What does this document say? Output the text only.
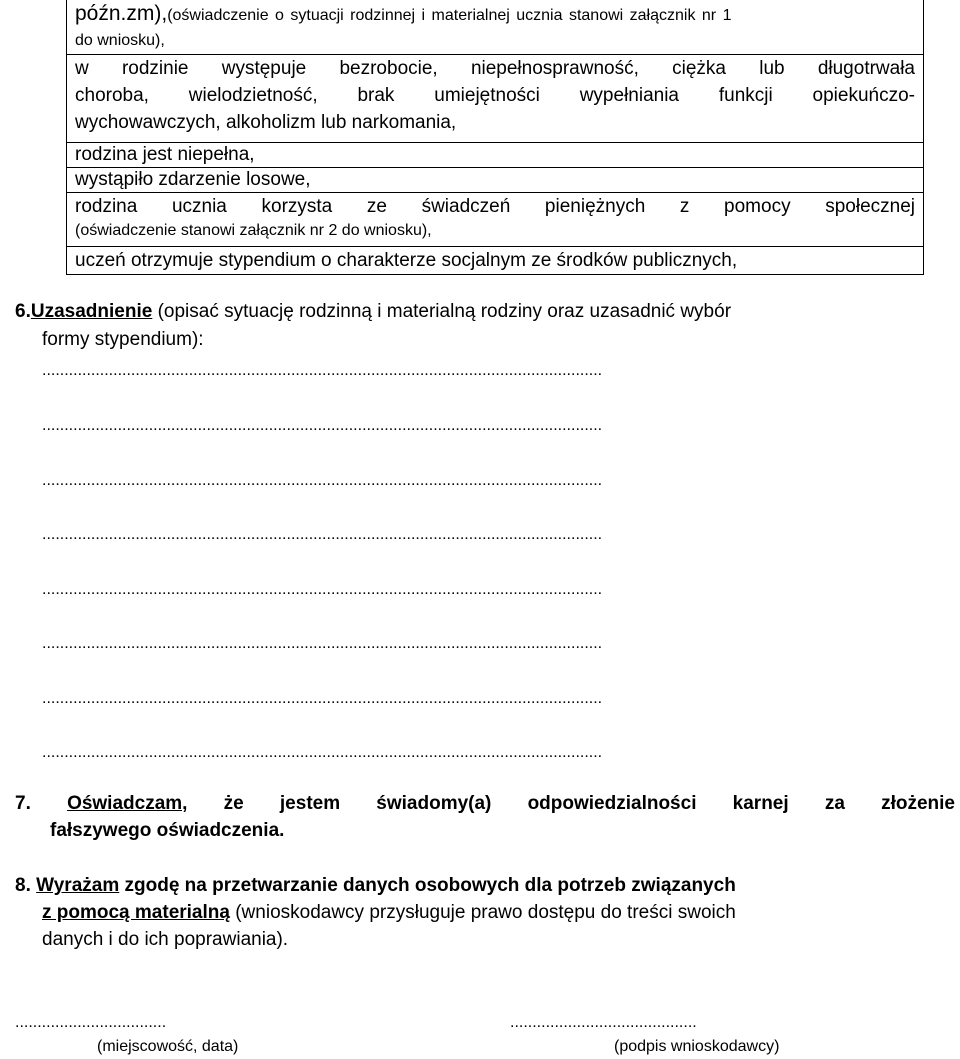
późn.zm),(oświadczenie o sytuacji rodzinnej i materialnej ucznia stanowi załącznik nr 1
do wniosku),
w rodzinie występuje bezrobocie, niepełnosprawność, ciężka lub długotrwała
choroba, wielodzietność, brak umiejętności wypełniania funkcji opiekuńczo-
wychowawczych, alkoholizm lub narkomania,
rodzina jest niepełna,
wystąpiło zdarzenie losowe,
rodzina ucznia korzysta ze świadczeń pieniężnych z pomocy społecznej
(oświadczenie stanowi załącznik nr 2 do wniosku),
uczeń otrzymuje stypendium o charakterze socjalnym ze środków publicznych,
6.Uzasadnienie (opisać sytuację rodzinną i materialną rodziny oraz uzasadnić wybór
formy stypendium):
..............................................................................................................................
..............................................................................................................................
..............................................................................................................................
..............................................................................................................................
..............................................................................................................................
..............................................................................................................................
..............................................................................................................................
..............................................................................................................................
7. Oświadczam, że jestem świadomy(a) odpowiedzialności karnej za złożenie
fałszywego oświadczenia.
8. Wyrażam zgodę na przetwarzanie danych osobowych dla potrzeb związanych
z pomocą materialną (wnioskodawcy przysługuje prawo dostępu do treści swoich
danych i do ich poprawiania).
..................................	..........................................
(miejscowość, data)	(podpis wnioskodawcy)
